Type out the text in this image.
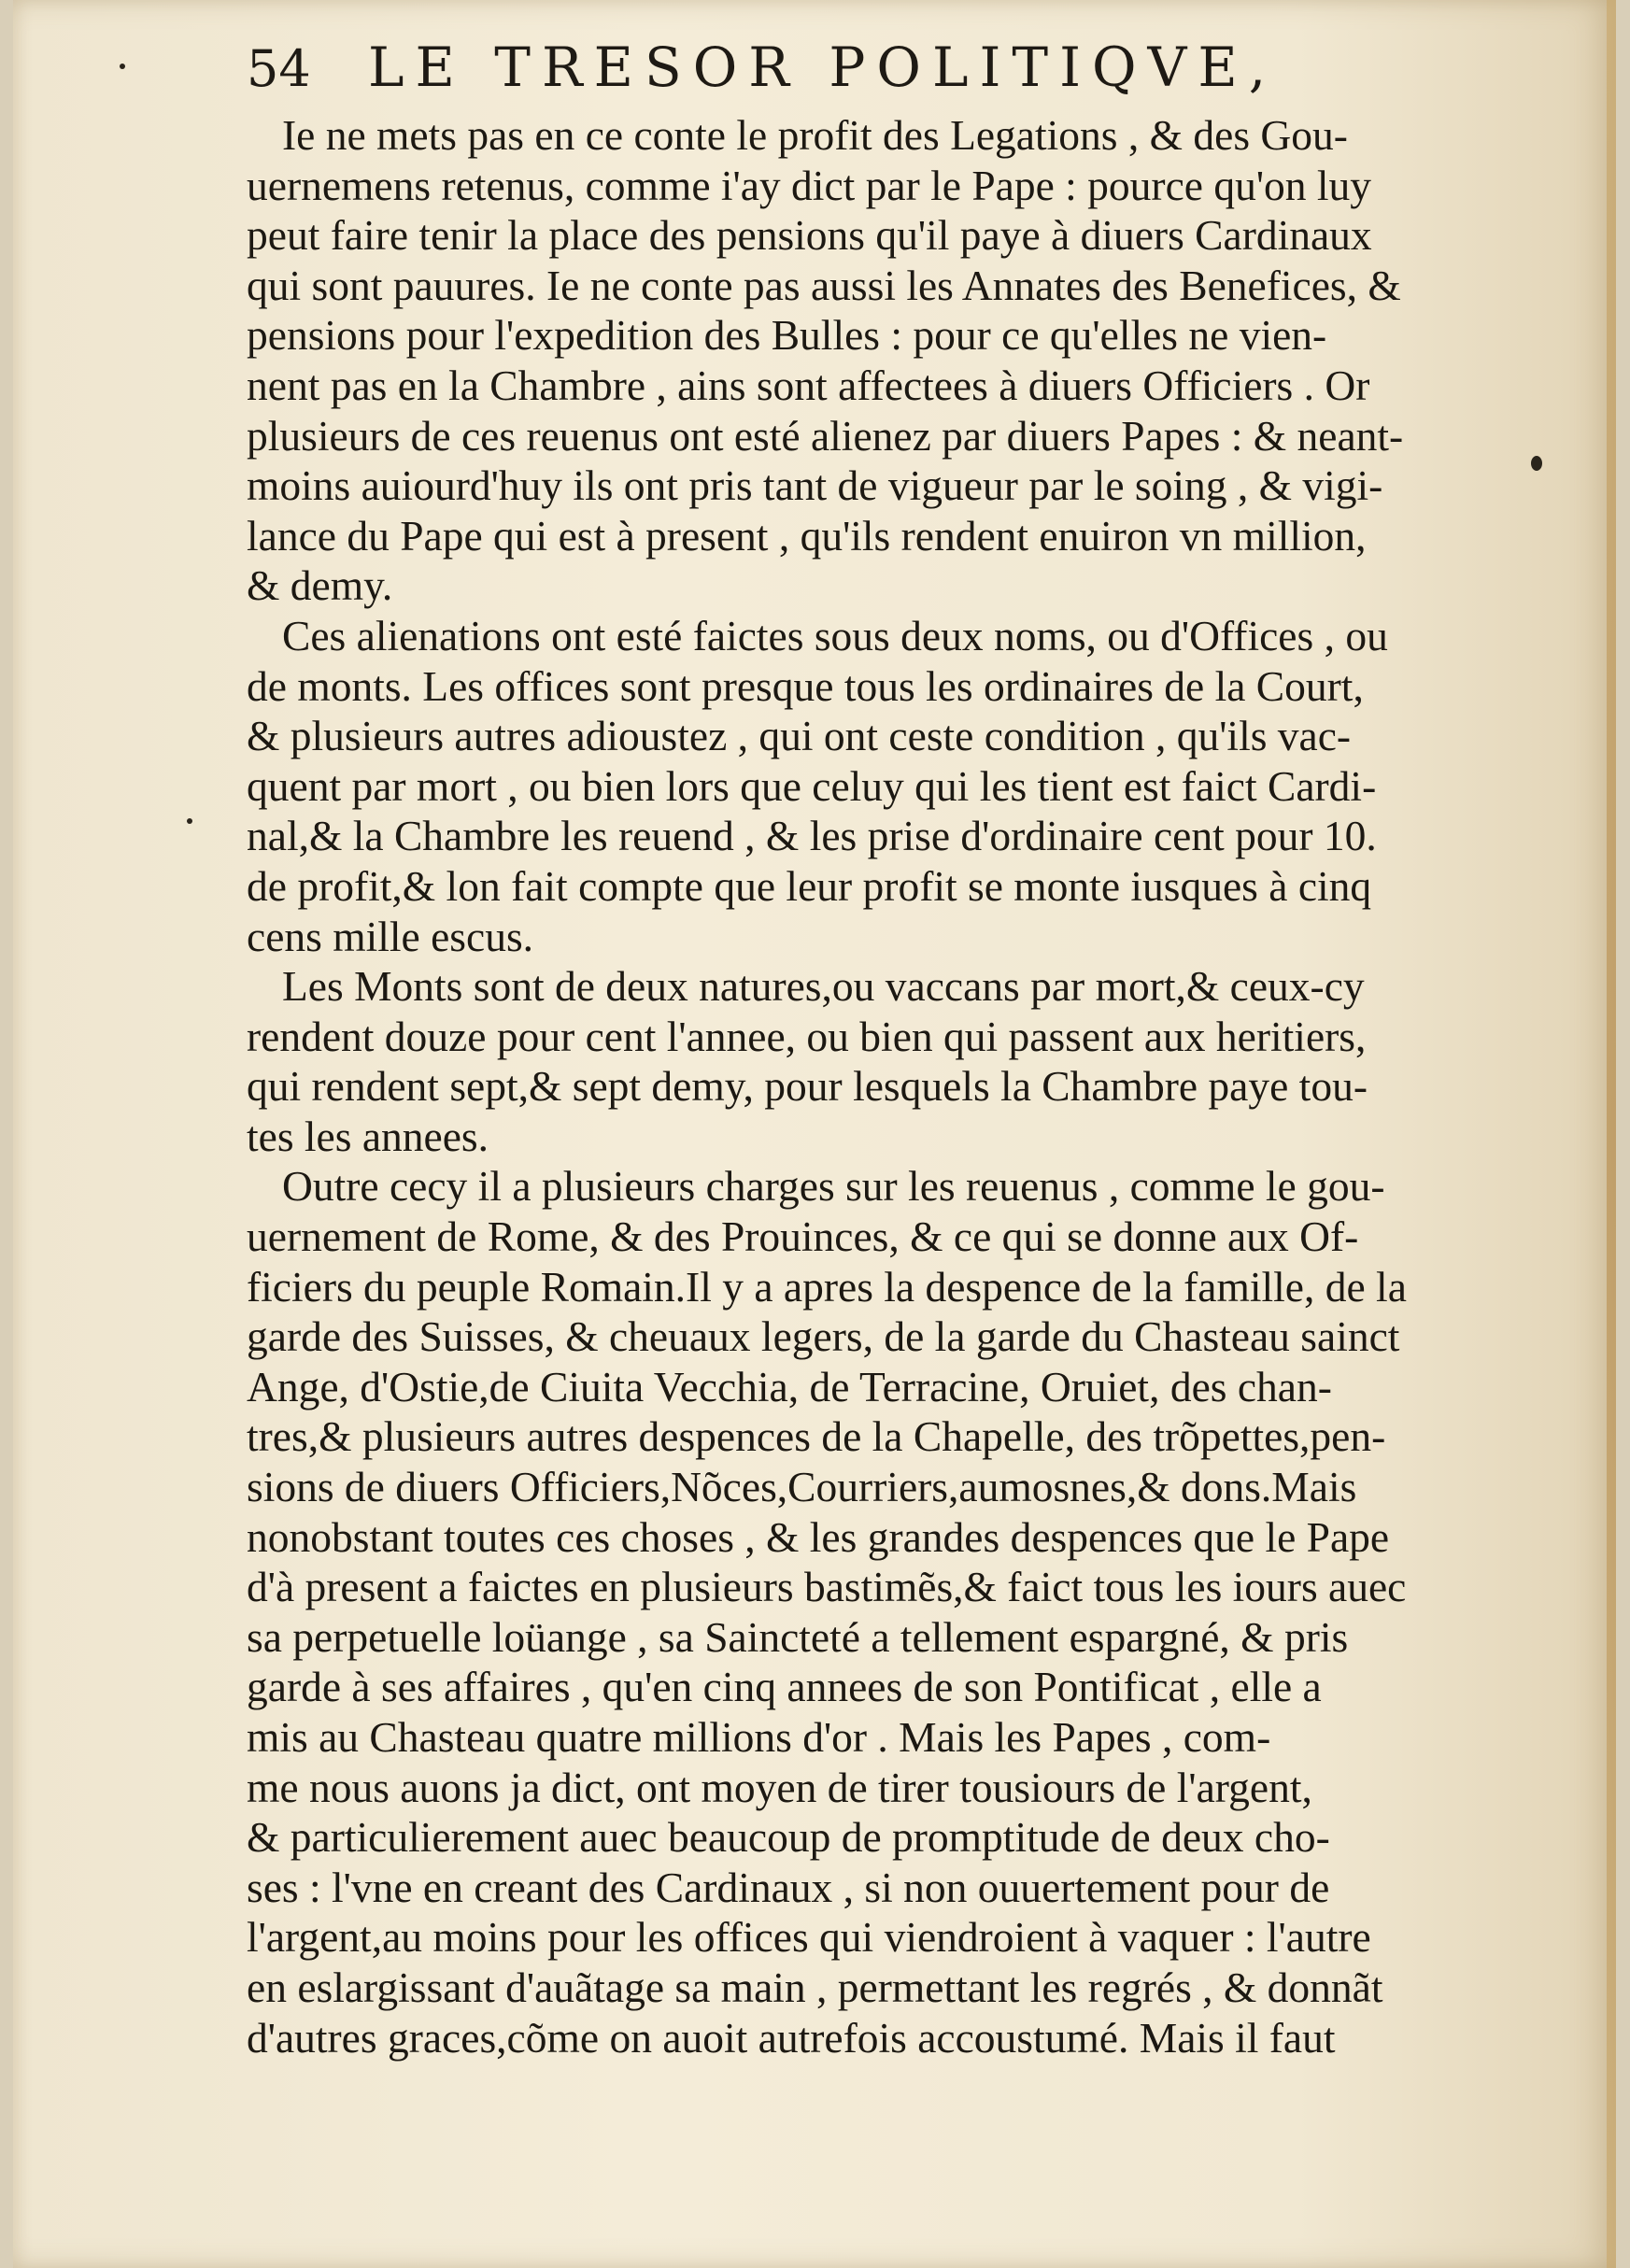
54	LE TRESOR POLITIQVE,
Ie ne mets pas en ce conte le profit des Legations , & des Gou-
uernemens retenus, comme i'ay dict par le Pape : pource qu'on luy
peut faire tenir la place des pensions qu'il paye à diuers Cardinaux
qui sont pauures. Ie ne conte pas aussi les Annates des Benefices, &
pensions pour l'expedition des Bulles : pour ce qu'elles ne vien-
nent pas en la Chambre , ains sont affectees à diuers Officiers . Or
plusieurs de ces reuenus ont esté alienez par diuers Papes : & neant-
moins auiourd'huy ils ont pris tant de vigueur par le soing , & vigi-
lance du Pape qui est à present , qu'ils rendent enuiron vn million,
& demy.
Ces alienations ont esté faictes sous deux noms, ou d'Offices , ou
de monts. Les offices sont presque tous les ordinaires de la Court,
& plusieurs autres adioustez , qui ont ceste condition , qu'ils vac-
quent par mort , ou bien lors que celuy qui les tient est faict Cardi-
nal,& la Chambre les reuend , & les prise d'ordinaire cent pour 10.
de profit,& lon fait compte que leur profit se monte iusques à cinq
cens mille escus.
Les Monts sont de deux natures,ou vaccans par mort,& ceux-cy
rendent douze pour cent l'annee, ou bien qui passent aux heritiers,
qui rendent sept,& sept demy, pour lesquels la Chambre paye tou-
tes les annees.
Outre cecy il a plusieurs charges sur les reuenus , comme le gou-
uernement de Rome, & des Prouinces, & ce qui se donne aux Of-
ficiers du peuple Romain.Il y a apres la despence de la famille, de la
garde des Suisses, & cheuaux legers, de la garde du Chasteau sainct
Ange, d'Ostie,de Ciuita Vecchia, de Terracine, Oruiet, des chan-
tres,& plusieurs autres despences de la Chapelle, des trõpettes,pen-
sions de diuers Officiers,Nõces,Courriers,aumosnes,& dons.Mais
nonobstant toutes ces choses , & les grandes despences que le Pape
d'à present a faictes en plusieurs bastimẽs,& faict tous les iours auec
sa perpetuelle loüange , sa Saincteté a tellement espargné, & pris
garde à ses affaires , qu'en cinq annees de son Pontificat , elle a
mis au Chasteau quatre millions d'or . Mais les Papes , com-
me nous auons ja dict, ont moyen de tirer tousiours de l'argent,
& particulierement auec beaucoup de promptitude de deux cho-
ses : l'vne en creant des Cardinaux , si non ouuertement pour de
l'argent,au moins pour les offices qui viendroient à vaquer : l'autre
en eslargissant d'auãtage sa main , permettant les regrés , & donnãt
d'autres graces,cõme on auoit autrefois accoustumé. Mais il faut
